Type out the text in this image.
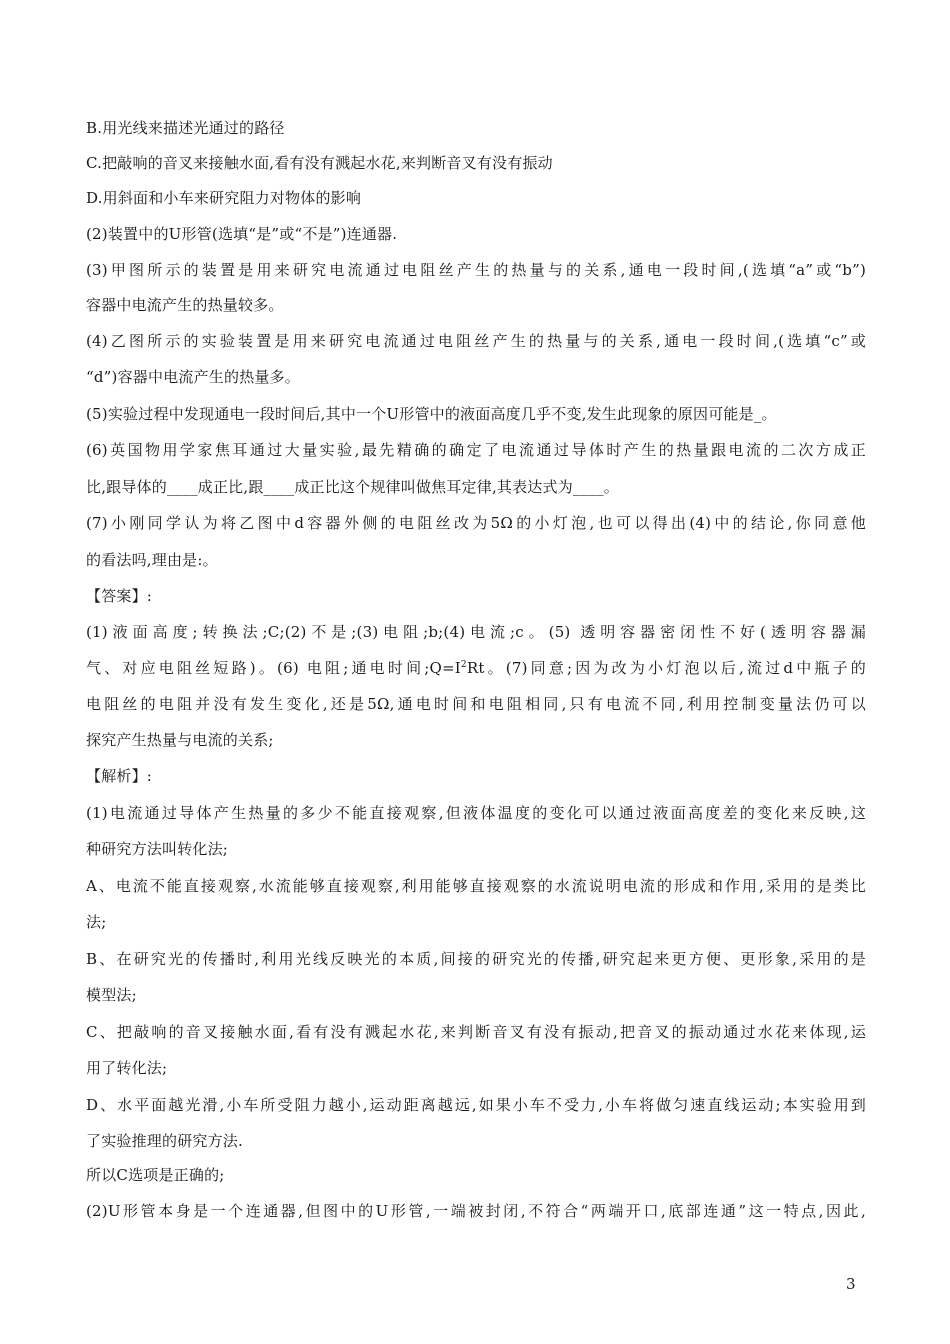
B.用光线来描述光通过的路径
C.把敲响的音叉来接触水面,看有没有溅起水花,来判断音叉有没有振动
D.用斜面和小车来研究阻力对物体的影响
(2)装置中的U形管(选填“是”或“不是”)连通器.
(3)甲图所示的装置是用来研究电流通过电阻丝产生的热量与的关系,通电一段时间,(选填“a”或“b”)
容器中电流产生的热量较多。
(4)乙图所示的实验装置是用来研究电流通过电阻丝产生的热量与的关系,通电一段时间,(选填“c”或
“d”)容器中电流产生的热量多。
(5)实验过程中发现通电一段时间后,其中一个U形管中的液面高度几乎不变,发生此现象的原因可能是_。
(6)英国物用学家焦耳通过大量实验,最先精确的确定了电流通过导体时产生的热量跟电流的二次方成正
比,跟导体的____成正比,跟____成正比这个规律叫做焦耳定律,其表达式为____。
(7)小刚同学认为将乙图中d容器外侧的电阻丝改为5Ω的小灯泡,也可以得出(4)中的结论,你同意他
的看法吗,理由是:。
【答案】:
(1)液面高度;转换法;C;(2)不是;(3)电阻;b;(4)电流;c。(5) 透明容器密闭性不好(透明容器漏
气、对应电阻丝短路)。(6) 电阻;通电时间$;Q=I^2Rt$。(7)同意;因为改为小灯泡以后,流过d中瓶子的
电阻丝的电阻并没有发生变化,还是5Ω,通电时间和电阻相同,只有电流不同,利用控制变量法仍可以
探究产生热量与电流的关系;
【解析】:
(1)电流通过导体产生热量的多少不能直接观察,但液体温度的变化可以通过液面高度差的变化来反映,这
种研究方法叫转化法;
A、电流不能直接观察,水流能够直接观察,利用能够直接观察的水流说明电流的形成和作用,采用的是类比
法;
B、在研究光的传播时,利用光线反映光的本质,间接的研究光的传播,研究起来更方便、更形象,采用的是
模型法;
C、把敲响的音叉接触水面,看有没有溅起水花,来判断音叉有没有振动,把音叉的振动通过水花来体现,运
用了转化法;
D、水平面越光滑,小车所受阻力越小,运动距离越远,如果小车不受力,小车将做匀速直线运动;本实验用到
了实验推理的研究方法.
所以C选项是正确的;
(2)U形管本身是一个连通器,但图中的U形管,一端被封闭,不符合“两端开口,底部连通”这一特点,因此,
3
